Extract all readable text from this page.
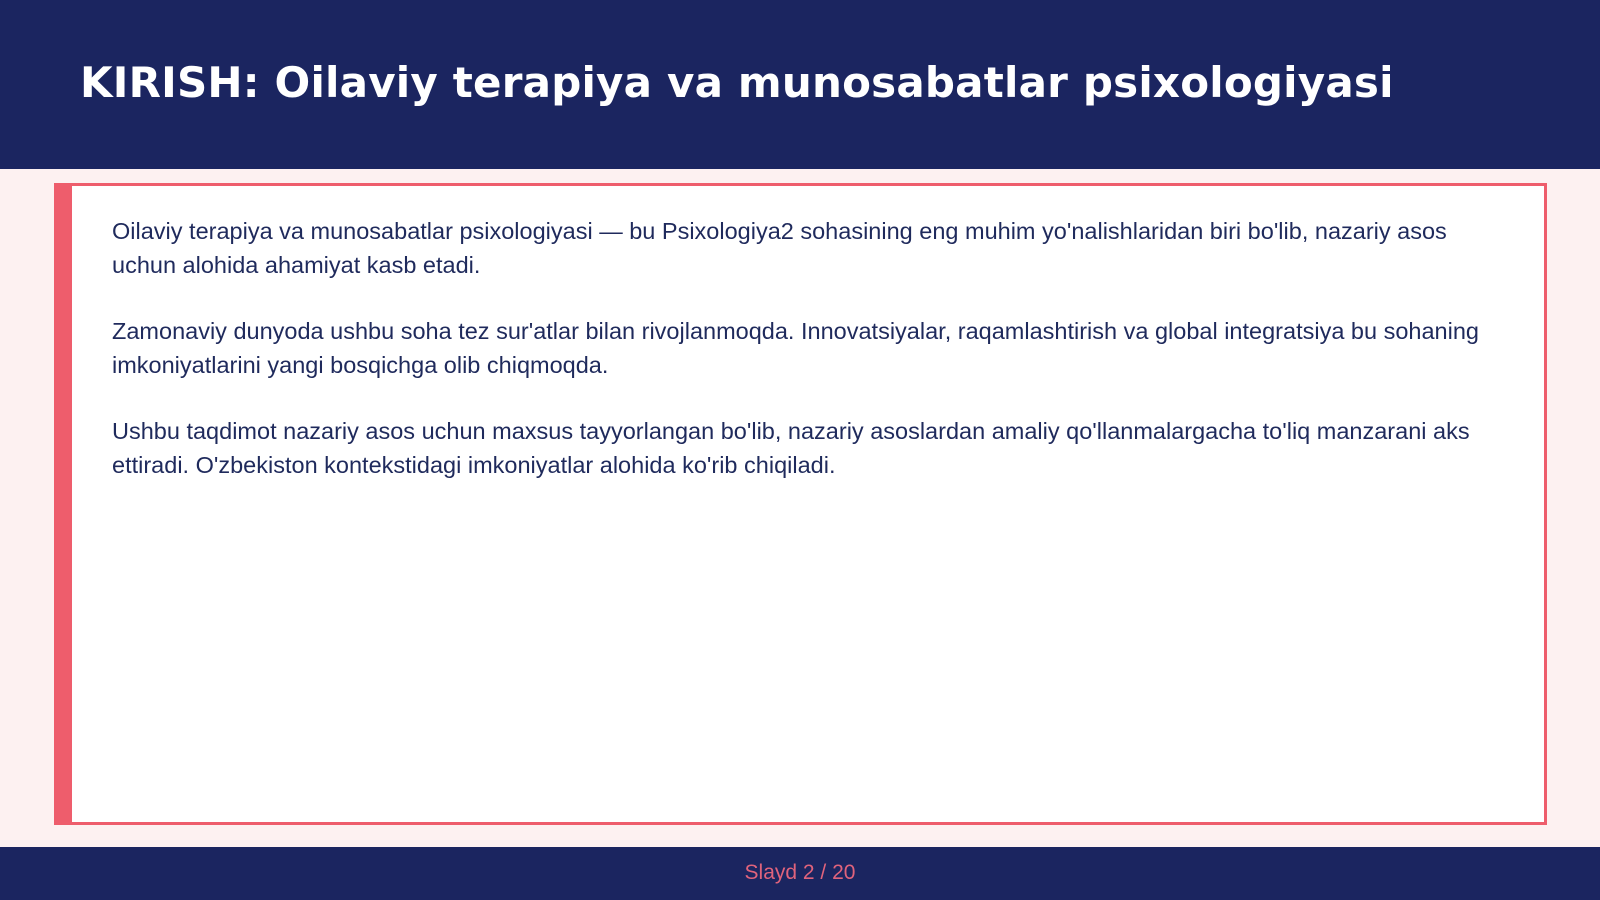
KIRISH: Oilaviy terapiya va munosabatlar psixologiyasi

Oilaviy terapiya va munosabatlar psixologiyasi — bu Psixologiya2 sohasining eng muhim yo'nalishlaridan biri bo'lib, nazariy asos uchun alohida ahamiyat kasb etadi.

Zamonaviy dunyoda ushbu soha tez sur'atlar bilan rivojlanmoqda. Innovatsiyalar, raqamlashtirish va global integratsiya bu sohaning imkoniyatlarini yangi bosqichga olib chiqmoqda.

Ushbu taqdimot nazariy asos uchun maxsus tayyorlangan bo'lib, nazariy asoslardan amaliy qo'llanmalargacha to'liq manzarani aks ettiradi. O'zbekiston kontekstidagi imkoniyatlar alohida ko'rib chiqiladi.

Slayd 2 / 20
